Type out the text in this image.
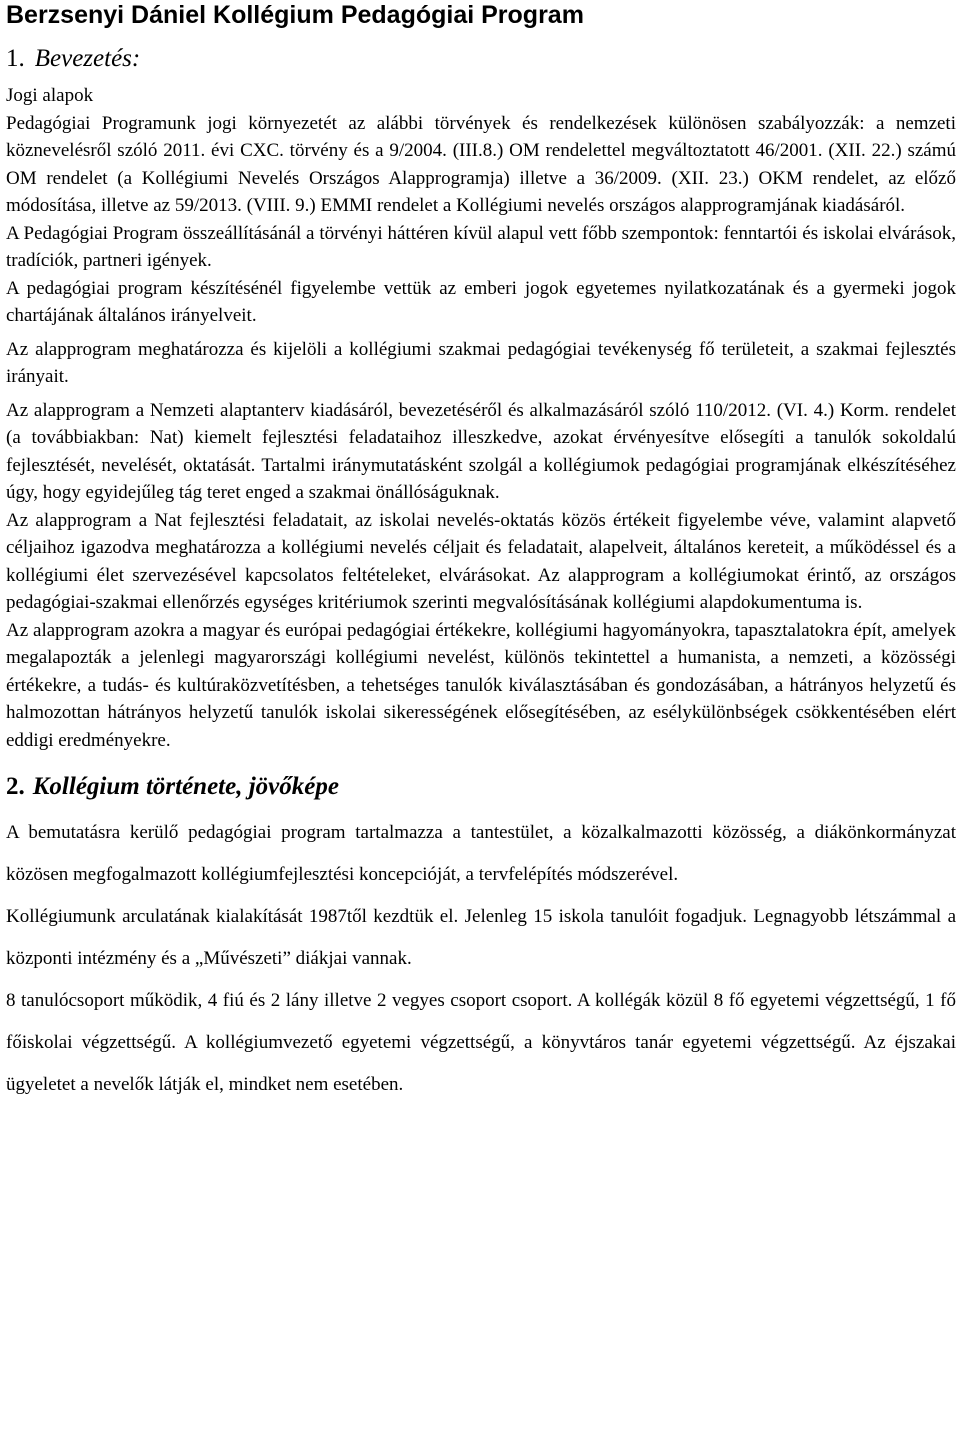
Berzsenyi Dániel Kollégium Pedagógiai Program
1. Bevezetés:
Jogi alapok

Pedagógiai Programunk jogi környezetét az alábbi törvények és rendelkezések különösen szabályozzák: a nemzeti köznevelésről szóló 2011. évi CXC. törvény és a 9/2004. (III.8.) OM rendelettel megváltoztatott 46/2001. (XII. 22.) számú OM rendelet (a Kollégiumi Nevelés Országos Alapprogramja) illetve a 36/2009. (XII. 23.) OKM rendelet, az előző módosítása, illetve az 59/2013. (VIII. 9.) EMMI rendelet a Kollégiumi nevelés országos alapprogramjának kiadásáról.

A Pedagógiai Program összeállításánál a törvényi háttéren kívül alapul vett főbb szempontok: fenntartói és iskolai elvárások, tradíciók, partneri igények.

A pedagógiai program készítésénél figyelembe vettük az emberi jogok egyetemes nyilatkozatának és a gyermeki jogok chartájának általános irányelveit.

Az alapprogram meghatározza és kijelöli a kollégiumi szakmai pedagógiai tevékenység fő területeit, a szakmai fejlesztés irányait.

Az alapprogram a Nemzeti alaptanterv kiadásáról, bevezetéséről és alkalmazásáról szóló 110/2012. (VI. 4.) Korm. rendelet (a továbbiakban: Nat) kiemelt fejlesztési feladataihoz illeszkedve, azokat érvényesítve elősegíti a tanulók sokoldalú fejlesztését, nevelését, oktatását. Tartalmi iránymutatásként szolgál a kollégiumok pedagógiai programjának elkészítéséhez úgy, hogy egyidejűleg tág teret enged a szakmai önállóságuknak.

Az alapprogram a Nat fejlesztési feladatait, az iskolai nevelés-oktatás közös értékeit figyelembe véve, valamint alapvető céljaihoz igazodva meghatározza a kollégiumi nevelés céljait és feladatait, alapelveit, általános kereteit, a működéssel és a kollégiumi élet szervezésével kapcsolatos feltételeket, elvárásokat. Az alapprogram a kollégiumokat érintő, az országos pedagógiai-szakmai ellenőrzés egységes kritériumok szerinti megvalósításának kollégiumi alapdokumentuma is.

Az alapprogram azokra a magyar és európai pedagógiai értékekre, kollégiumi hagyományokra, tapasztalatokra épít, amelyek megalapozták a jelenlegi magyarországi kollégiumi nevelést, különös tekintettel a humanista, a nemzeti, a közösségi értékekre, a tudás- és kultúraközvetítésben, a tehetséges tanulók kiválasztásában és gondozásában, a hátrányos helyzetű és halmozottan hátrányos helyzetű tanulók iskolai sikerességének elősegítésében, az esélykülönbségek csökkentésében elért eddigi eredményekre.

2. Kollégium története, jövőképe

A bemutatásra kerülő pedagógiai program tartalmazza a tantestület, a közalkalmazotti közösség, a diákönkormányzat közösen megfogalmazott kollégiumfejlesztési koncepcióját, a tervfelépítés módszerével.

Kollégiumunk arculatának kialakítását 1987től kezdtük el. Jelenleg 15 iskola tanulóit fogadjuk. Legnagyobb létszámmal a központi intézmény és a „Művészeti” diákjai vannak.

8 tanulócsoport működik, 4 fiú és 2 lány illetve 2 vegyes csoport csoport. A kollégák közül 8 fő egyetemi végzettségű, 1 fő főiskolai végzettségű. A kollégiumvezető egyetemi végzettségű, a könyvtáros tanár egyetemi végzettségű. Az éjszakai ügyeletet a nevelők látják el, mindket nem esetében.
